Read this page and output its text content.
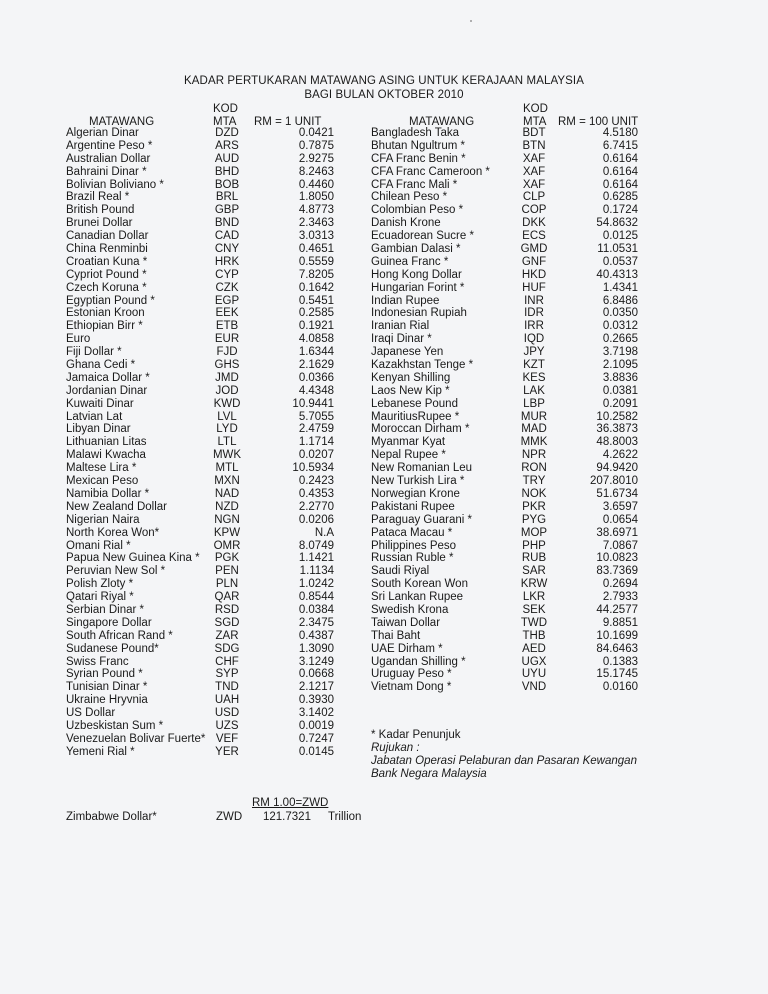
KADAR PERTUKARAN MATAWANG ASING UNTUK KERAJAAN MALAYSIA
BAGI BULAN OKTOBER 2010
KOD
MTA
MATAWANG	RM = 1 UNIT
KOD
MTA
MATAWANG	RM = 100 UNIT
Algerian Dinar	DZD	0.0421
Argentine Peso *	ARS	0.7875
Australian Dollar	AUD	2.9275
Bahraini Dinar *	BHD	8.2463
Bolivian Boliviano *	BOB	0.4460
Brazil Real *	BRL	1.8050
British Pound	GBP	4.8773
Brunei Dollar	BND	2.3463
Canadian Dollar	CAD	3.0313
China Renminbi	CNY	0.4651
Croatian Kuna *	HRK	0.5559
Cypriot Pound *	CYP	7.8205
Czech Koruna *	CZK	0.1642
Egyptian Pound *	EGP	0.5451
Estonian Kroon	EEK	0.2585
Ethiopian Birr *	ETB	0.1921
Euro	EUR	4.0858
Fiji Dollar *	FJD	1.6344
Ghana Cedi *	GHS	2.1629
Jamaica Dollar *	JMD	0.0366
Jordanian Dinar	JOD	4.4348
Kuwaiti Dinar	KWD	10.9441
Latvian Lat	LVL	5.7055
Libyan Dinar	LYD	2.4759
Lithuanian Litas	LTL	1.1714
Malawi Kwacha	MWK	0.0207
Maltese Lira *	MTL	10.5934
Mexican Peso	MXN	0.2423
Namibia Dollar *	NAD	0.4353
New Zealand Dollar	NZD	2.2770
Nigerian Naira	NGN	0.0206
North Korea Won*	KPW	N.A
Omani Rial *	OMR	8.0749
Papua New Guinea Kina *	PGK	1.1421
Peruvian New Sol *	PEN	1.1134
Polish Zloty *	PLN	1.0242
Qatari Riyal *	QAR	0.8544
Serbian Dinar *	RSD	0.0384
Singapore Dollar	SGD	2.3475
South African Rand *	ZAR	0.4387
Sudanese Pound*	SDG	1.3090
Swiss Franc	CHF	3.1249
Syrian Pound *	SYP	0.0668
Tunisian Dinar *	TND	2.1217
Ukraine Hryvnia	UAH	0.3930
US Dollar	USD	3.1402
Uzbeskistan Sum *	UZS	0.0019
Venezuelan Bolivar Fuerte* VEF	0.7247
Yemeni Rial *	YER	0.0145
Bangladesh Taka	BDT	4.5180
Bhutan Ngultrum *	BTN	6.7415
CFA Franc Benin *	XAF	0.6164
CFA Franc Cameroon *	XAF	0.6164
CFA Franc Mali *	XAF	0.6164
Chilean Peso *	CLP	0.6285
Colombian Peso *	COP	0.1724
Danish Krone	DKK	54.8632
Ecuadorean Sucre *	ECS	0.0125
Gambian Dalasi *	GMD	11.0531
Guinea Franc *	GNF	0.0537
Hong Kong Dollar	HKD	40.4313
Hungarian Forint *	HUF	1.4341
Indian Rupee	INR	6.8486
Indonesian Rupiah	IDR	0.0350
Iranian Rial	IRR	0.0312
Iraqi Dinar *	IQD	0.2665
Japanese Yen	JPY	3.7198
Kazakhstan Tenge *	KZT	2.1095
Kenyan Shilling	KES	3.8836
Laos New Kip *	LAK	0.0381
Lebanese Pound	LBP	0.2091
MauritiusRupee *	MUR	10.2582
Moroccan Dirham *	MAD	36.3873
Myanmar Kyat	MMK	48.8003
Nepal Rupee *	NPR	4.2622
New Romanian Leu	RON	94.9420
New Turkish Lira *	TRY	207.8010
Norwegian Krone	NOK	51.6734
Pakistani Rupee	PKR	3.6597
Paraguay Guarani *	PYG	0.0654
Pataca Macau *	MOP	38.6971
Philippines Peso	PHP	7.0867
Russian Ruble *	RUB	10.0823
Saudi Riyal	SAR	83.7369
South Korean Won	KRW	0.2694
Sri Lankan Rupee	LKR	2.7933
Swedish Krona	SEK	44.2577
Taiwan Dollar	TWD	9.8851
Thai Baht	THB	10.1699
UAE Dirham *	AED	84.6463
Ugandan Shilling *	UGX	0.1383
Uruguay Peso *	UYU	15.1745
Vietnam Dong *	VND	0.0160
* Kadar Penunjuk
Rujukan :
Jabatan Operasi Pelaburan dan Pasaran Kewangan
Bank Negara Malaysia
RM 1.00=ZWD
Zimbabwe Dollar*	ZWD 121.7321 Trillion
